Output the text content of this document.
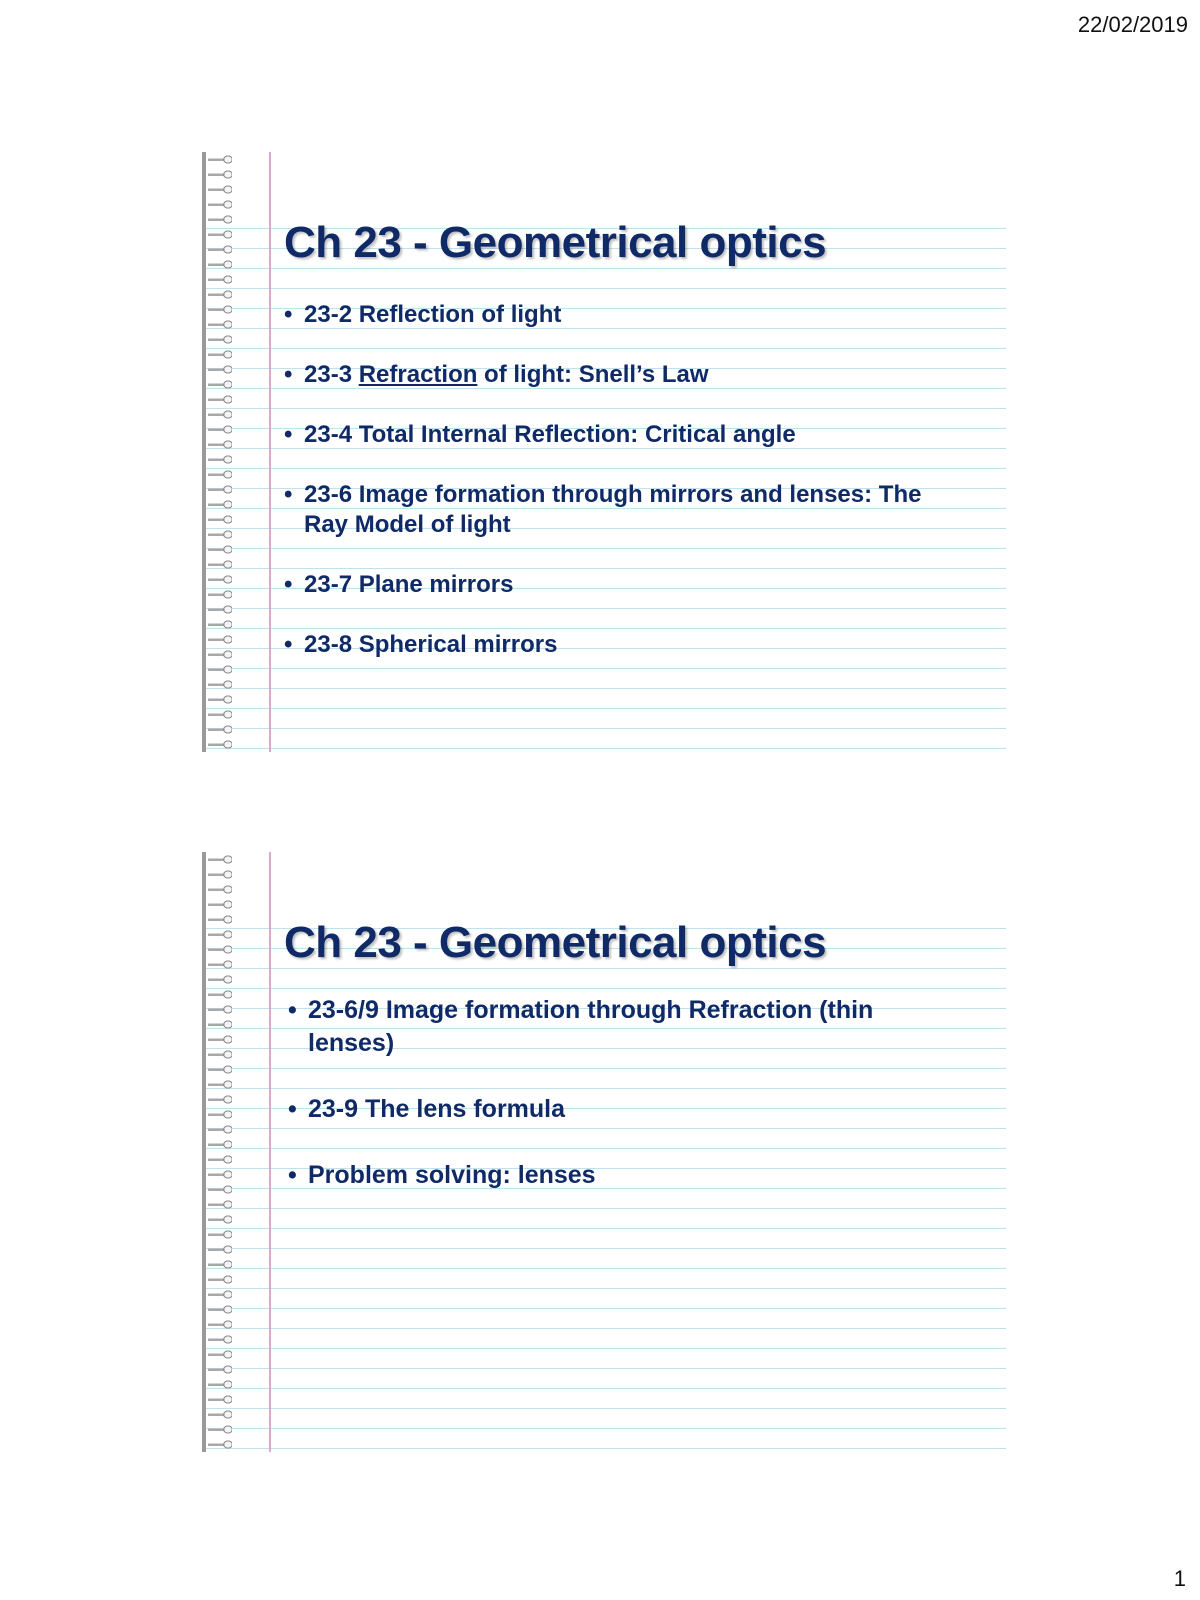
22/02/2019
Ch 23 - Geometrical optics
• 23-2 Reflection of light
• 23-3 Refraction of light: Snell’s Law
• 23-4 Total Internal Reflection: Critical angle
• 23-6 Image formation through mirrors and lenses: The Ray Model of light
• 23-7 Plane mirrors
• 23-8 Spherical mirrors
Ch 23 - Geometrical optics
• 23-6/9 Image formation through Refraction (thin lenses)
• 23-9 The lens formula
• Problem solving: lenses
1
